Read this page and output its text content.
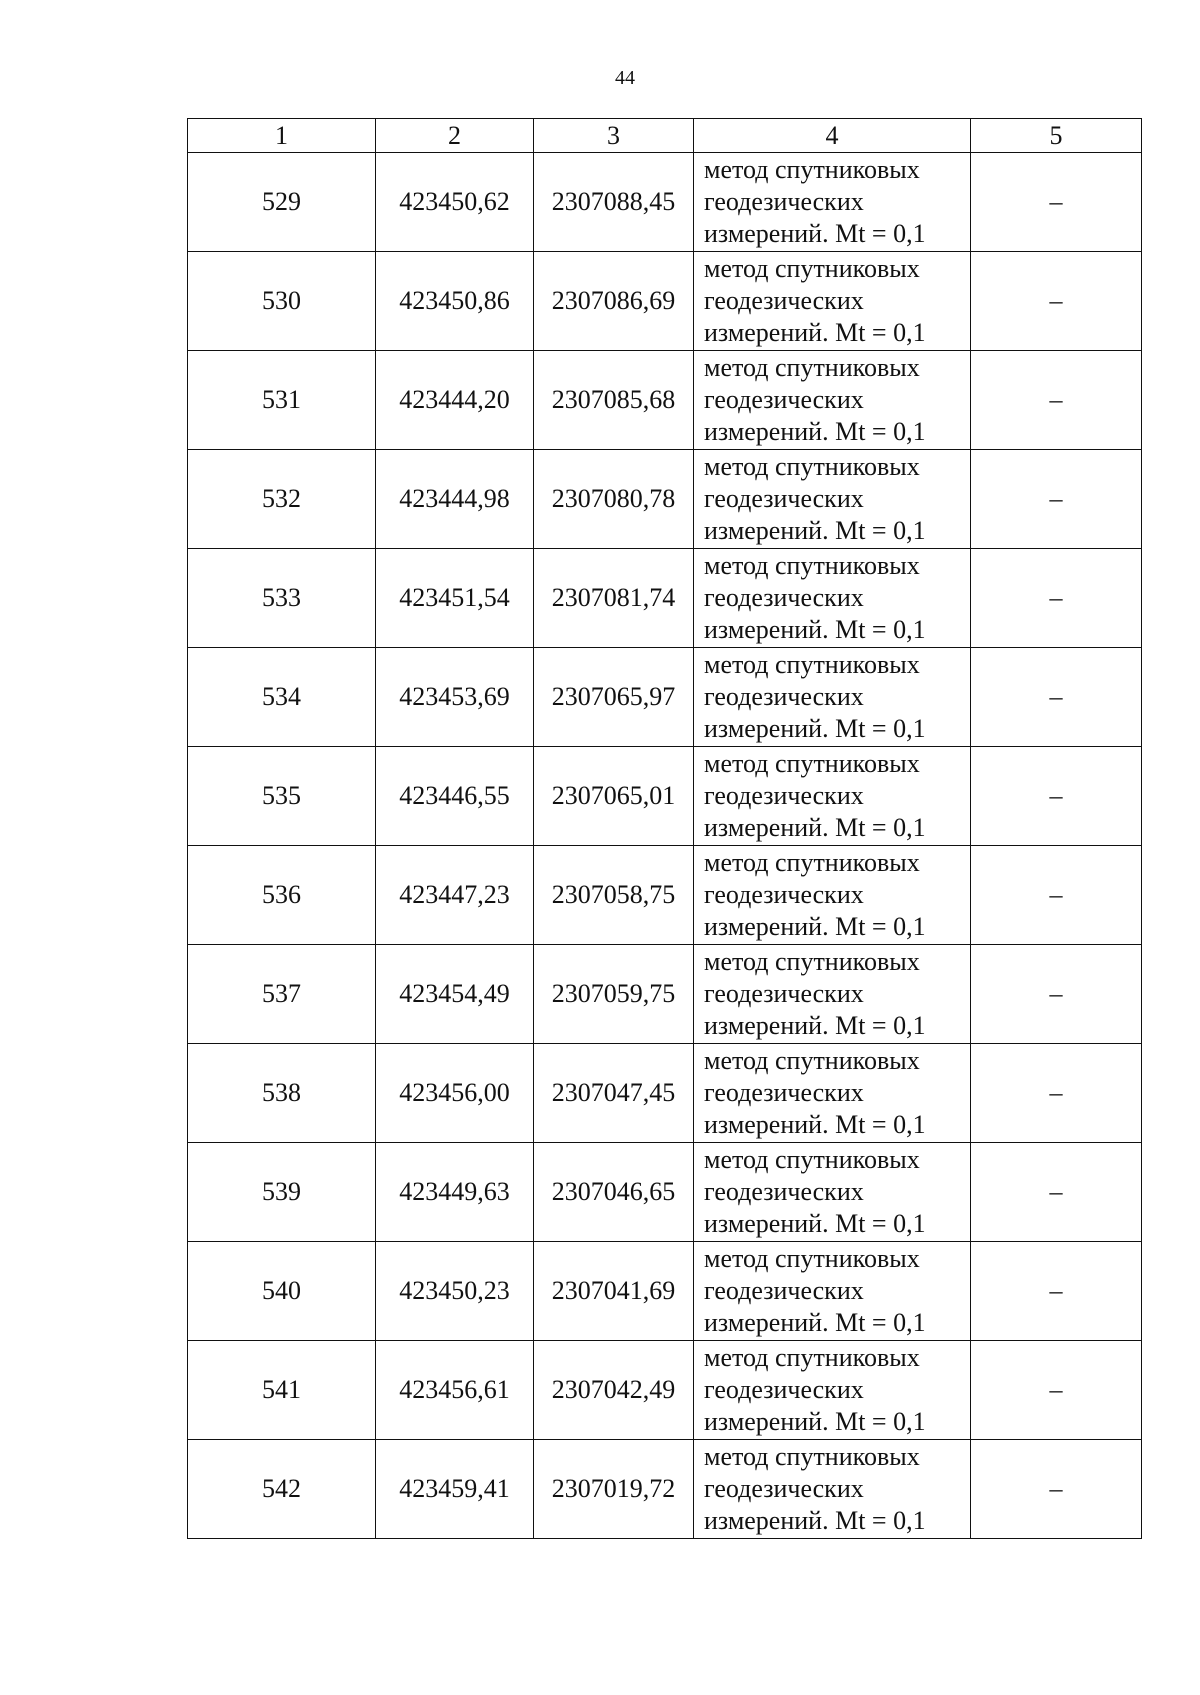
44
1	2	3	4	5
529	423450,62	2307088,45	метод спутниковых
геодезических
измерений. Mt = 0,1	–
530	423450,86	2307086,69	метод спутниковых
геодезических
измерений. Mt = 0,1	–
531	423444,20	2307085,68	метод спутниковых
геодезических
измерений. Mt = 0,1	–
532	423444,98	2307080,78	метод спутниковых
геодезических
измерений. Mt = 0,1	–
533	423451,54	2307081,74	метод спутниковых
геодезических
измерений. Mt = 0,1	–
534	423453,69	2307065,97	метод спутниковых
геодезических
измерений. Mt = 0,1	–
535	423446,55	2307065,01	метод спутниковых
геодезических
измерений. Mt = 0,1	–
536	423447,23	2307058,75	метод спутниковых
геодезических
измерений. Mt = 0,1	–
537	423454,49	2307059,75	метод спутниковых
геодезических
измерений. Mt = 0,1	–
538	423456,00	2307047,45	метод спутниковых
геодезических
измерений. Mt = 0,1	–
539	423449,63	2307046,65	метод спутниковых
геодезических
измерений. Mt = 0,1	–
540	423450,23	2307041,69	метод спутниковых
геодезических
измерений. Mt = 0,1	–
541	423456,61	2307042,49	метод спутниковых
геодезических
измерений. Mt = 0,1	–
542	423459,41	2307019,72	метод спутниковых
геодезических
измерений. Mt = 0,1	–
